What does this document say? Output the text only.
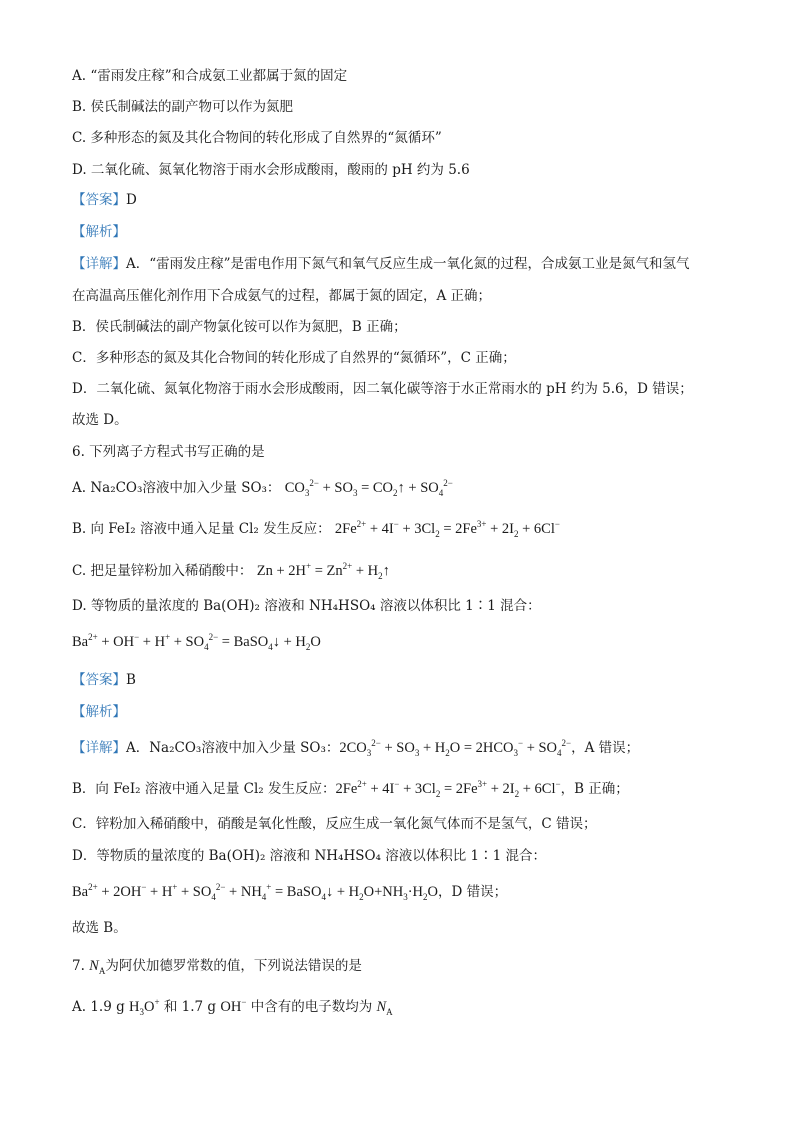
A. “雷雨发庄稼”和合成氨工业都属于氮的固定
B. 侯氏制碱法的副产物可以作为氮肥
C. 多种形态的氮及其化合物间的转化形成了自然界的“氮循环”
D. 二氧化硫、氮氧化物溶于雨水会形成酸雨，酸雨的 pH 约为 5.6
【答案】D
【解析】
【详解】A．“雷雨发庄稼”是雷电作用下氮气和氧气反应生成一氧化氮的过程，合成氨工业是氮气和氢气
在高温高压催化剂作用下合成氨气的过程，都属于氮的固定，A 正确；
B．侯氏制碱法的副产物氯化铵可以作为氮肥，B 正确；
C．多种形态的氮及其化合物间的转化形成了自然界的“氮循环”，C 正确；
D．二氧化硫、氮氧化物溶于雨水会形成酸雨，因二氧化碳等溶于水正常雨水的 pH 约为 5.6，D 错误；
故选 D。
6. 下列离子方程式书写正确的是
A. Na₂CO₃溶液中加入少量 SO₃： $CO_3^{2-} + SO_3$ = $CO_2↑ + SO_4^{2-}$
B. 向 FeI₂ 溶液中通入足量 Cl₂ 发生反应： $2Fe^{2+} + 4I^- + 3Cl_2 = 2Fe^{3+} + 2I_2 + 6Cl^-$
C. 把足量锌粉加入稀硝酸中： $Zn + 2H^+ = Zn^{2+}$ + $H_2↑$
D. 等物质的量浓度的 Ba(OH)₂ 溶液和 NH₄HSO₄ 溶液以体积比 1∶1 混合：
$Ba^{2+} + OH^- + H^+ + SO_4^{2-}$ = BaSO$_4$↓ + $H_2O$
【答案】B
【解析】
【详解】A．Na₂CO₃溶液中加入少量 SO₃：$2CO_3^{2-} + SO_3 + H_2O = 2HCO_3^- + SO_4^{2-}$，A 错误；
B．向 FeI₂ 溶液中通入足量 Cl₂ 发生反应：$2Fe^{2+} + 4I^- + 3Cl_2 = 2Fe^{3+} + 2I_2 + 6Cl^-$，B 正确；
C．锌粉加入稀硝酸中，硝酸是氧化性酸，反应生成一氧化氮气体而不是氢气，C 错误；
D．等物质的量浓度的 Ba(OH)₂ 溶液和 NH₄HSO₄ 溶液以体积比 1∶1 混合：
$Ba^{2+} + 2OH^- + H^+ + SO_4^{2-} + NH_4^+$ = BaSO$_4$↓ + $H_2O+NH_3\cdot H_2O$，D 错误；
故选 B。
7. $N_A$为阿伏加德罗常数的值，下列说法错误的是
A. 1.9 g $H_3O^+$ 和 1.7 g OH− 中含有的电子数均为 $N_A$
